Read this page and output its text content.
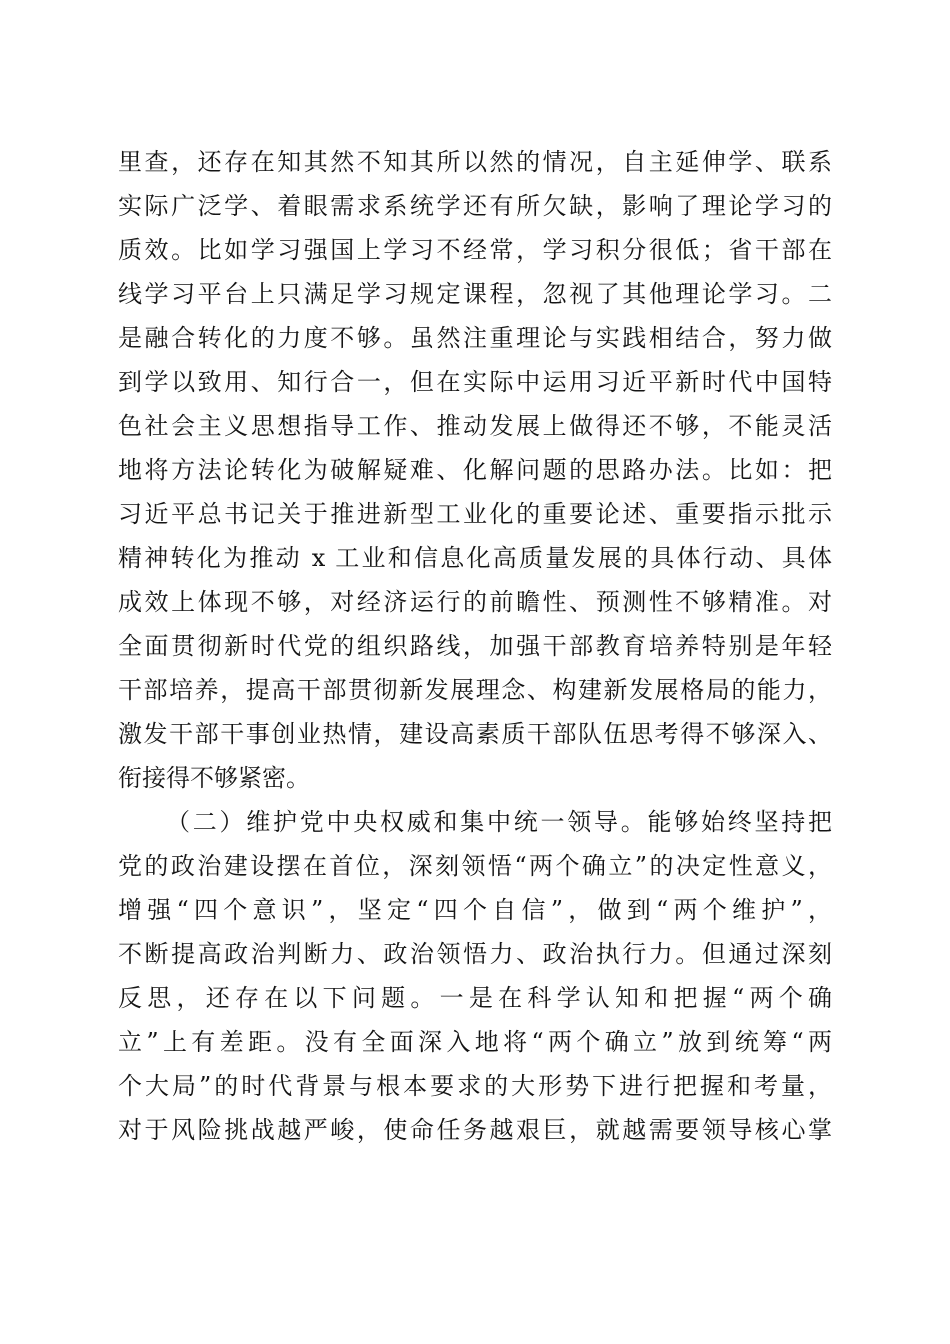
里查，还存在知其然不知其所以然的情况，自主延伸学、联系
实际广泛学、着眼需求系统学还有所欠缺，影响了理论学习的
质效。比如学习强国上学习不经常，学习积分很低；省干部在
线学习平台上只满足学习规定课程，忽视了其他理论学习。二
是融合转化的力度不够。虽然注重理论与实践相结合，努力做
到学以致用、知行合一，但在实际中运用习近平新时代中国特
色社会主义思想指导工作、推动发展上做得还不够，不能灵活
地将方法论转化为破解疑难、化解问题的思路办法。比如：把
习近平总书记关于推进新型工业化的重要论述、重要指示批示
精神转化为推动 x 工业和信息化高质量发展的具体行动、具体
成效上体现不够，对经济运行的前瞻性、预测性不够精准。对
全面贯彻新时代党的组织路线，加强干部教育培养特别是年轻
干部培养，提高干部贯彻新发展理念、构建新发展格局的能力，
激发干部干事创业热情，建设高素质干部队伍思考得不够深入、
衔接得不够紧密。
（二）维护党中央权威和集中统一领导。能够始终坚持把
党的政治建设摆在首位，深刻领悟“两个确立”的决定性意义，
增强“四个意识”，坚定“四个自信”，做到“两个维护”，
不断提高政治判断力、政治领悟力、政治执行力。但通过深刻
反思，还存在以下问题。一是在科学认知和把握“两个确
立”上有差距。没有全面深入地将“两个确立”放到统筹“两
个大局”的时代背景与根本要求的大形势下进行把握和考量，
对于风险挑战越严峻，使命任务越艰巨，就越需要领导核心掌
